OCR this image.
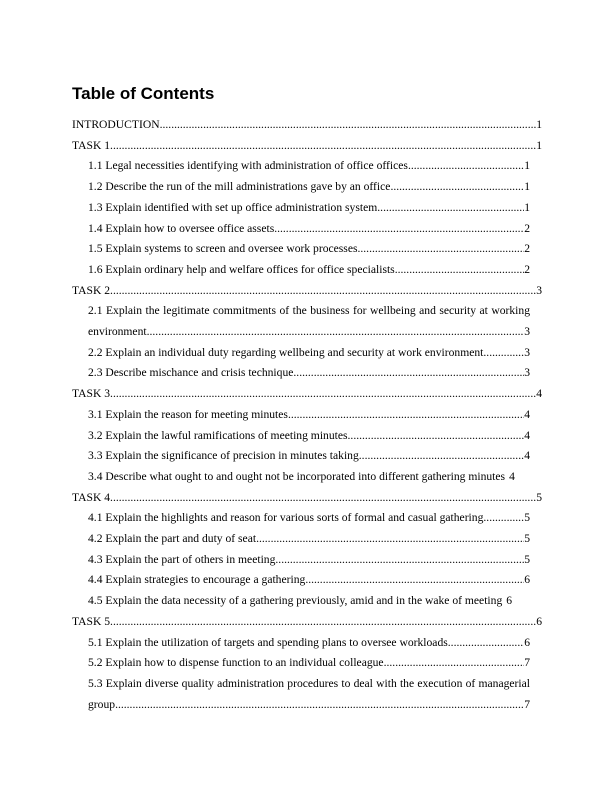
Table of Contents
INTRODUCTION .....	1
TASK 1 .....	1
1.1 Legal necessities identifying with administration of office offices .....	1
1.2 Describe the run of the mill administrations gave by an office .....	1
1.3 Explain identified with set up office administration system .....	1
1.4 Explain how to oversee office assets .....	2
1.5 Explain systems to screen and oversee work processes .....	2
1.6 Explain ordinary help and welfare offices for office specialists .....	2
TASK 2 .....	3
2.1 Explain the legitimate commitments of the business for wellbeing and security at working
environment .....	3
2.2 Explain an individual duty regarding wellbeing and security at work environment .....	3
2.3 Describe mischance and crisis technique .....	3
TASK 3 .....	4
3.1 Explain the reason for meeting minutes .....	4
3.2 Explain the lawful ramifications of meeting minutes .....	4
3.3 Explain the significance of precision in minutes taking .....	4
3.4 Describe what ought to and ought not be incorporated into different gathering minutes 4
TASK 4 .....	5
4.1 Explain the highlights and reason for various sorts of formal and casual gathering .....	5
4.2 Explain the part and duty of seat .....	5
4.3 Explain the part of others in meeting .....	5
4.4 Explain strategies to encourage a gathering .....	6
4.5 Explain the data necessity of a gathering previously, amid and in the wake of meeting 6
TASK 5 .....	6
5.1 Explain the utilization of targets and spending plans to oversee workloads .....	6
5.2 Explain how to dispense function to an individual colleague .....	7
5.3 Explain diverse quality administration procedures to deal with the execution of managerial
group .....	7
